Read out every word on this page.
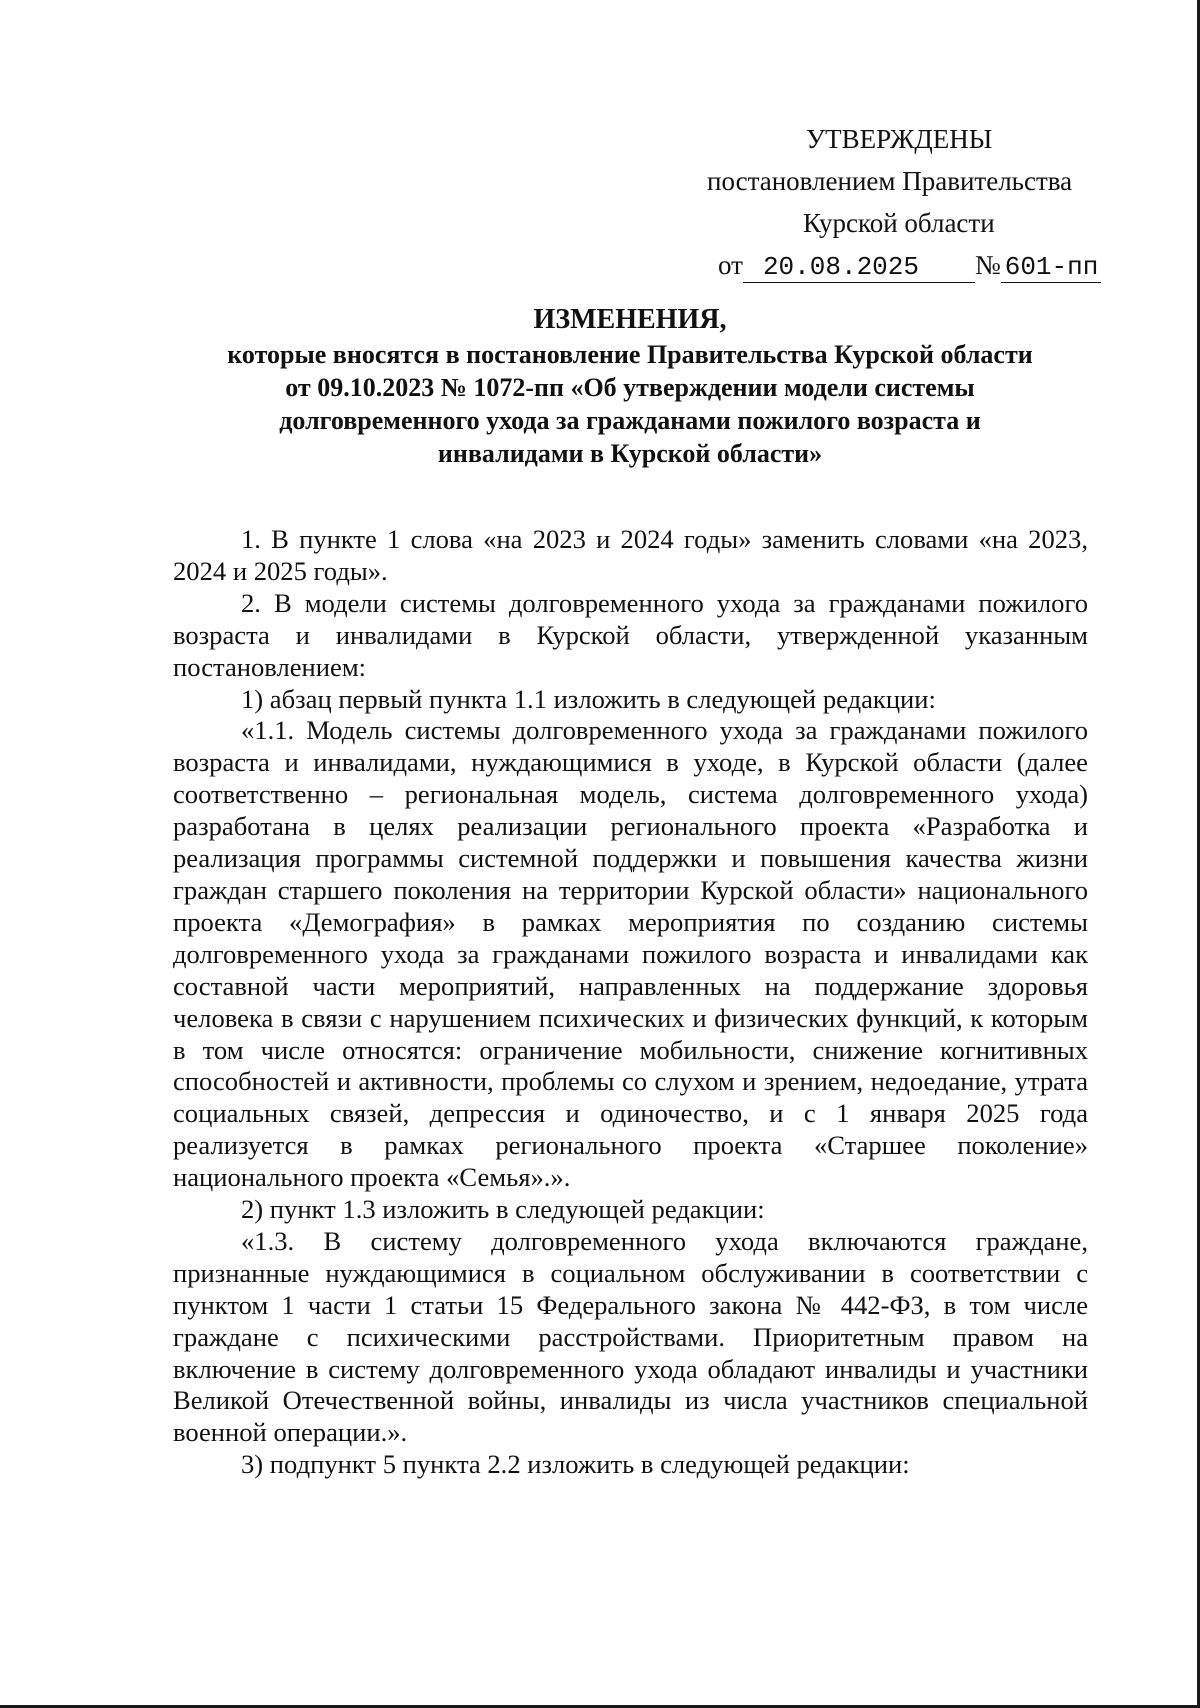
УТВЕРЖДЕНЫ
постановлением Правительства
Курской области
от 20.08.2025 № 601-пп
ИЗМЕНЕНИЯ,

которые вносятся в постановление Правительства Курской области

от 09.10.2023 № 1072-пп «Об утверждении модели системы

долговременного ухода за гражданами пожилого возраста и

инвалидами в Курской области»

1. В пункте 1 слова «на 2023 и 2024 годы» заменить словами «на 2023, 2024 и 2025 годы».

2. В модели системы долговременного ухода за гражданами пожилого возраста и инвалидами в Курской области, утвержденной указанным постановлением:

1) абзац первый пункта 1.1 изложить в следующей редакции:

«1.1. Модель системы долговременного ухода за гражданами пожилого возраста и инвалидами, нуждающимися в уходе, в Курской области (далее соответственно – региональная модель, система долговременного ухода) разработана в целях реализации регионального проекта «Разработка и реализация программы системной поддержки и повышения качества жизни граждан старшего поколения на территории Курской области» национального проекта «Демография» в рамках мероприятия по созданию системы долговременного ухода за гражданами пожилого возраста и инвалидами как составной части мероприятий, направленных на поддержание здоровья человека в связи с нарушением психических и физических функций, к которым в том числе относятся: ограничение мобильности, снижение когнитивных способностей и активности, проблемы со слухом и зрением, недоедание, утрата социальных связей, депрессия и одиночество, и с 1 января 2025 года реализуется в рамках регионального проекта «Старшее поколение» национального проекта «Семья».».

2) пункт 1.3 изложить в следующей редакции:

«1.3. В систему долговременного ухода включаются граждане, признанные нуждающимися в социальном обслуживании в соответствии с пунктом 1 части 1 статьи 15 Федерального закона № 442-ФЗ, в том числе граждане с психическими расстройствами. Приоритетным правом на включение в систему долговременного ухода обладают инвалиды и участники Великой Отечественной войны, инвалиды из числа участников специальной военной операции.».

3) подпункт 5 пункта 2.2 изложить в следующей редакции:
